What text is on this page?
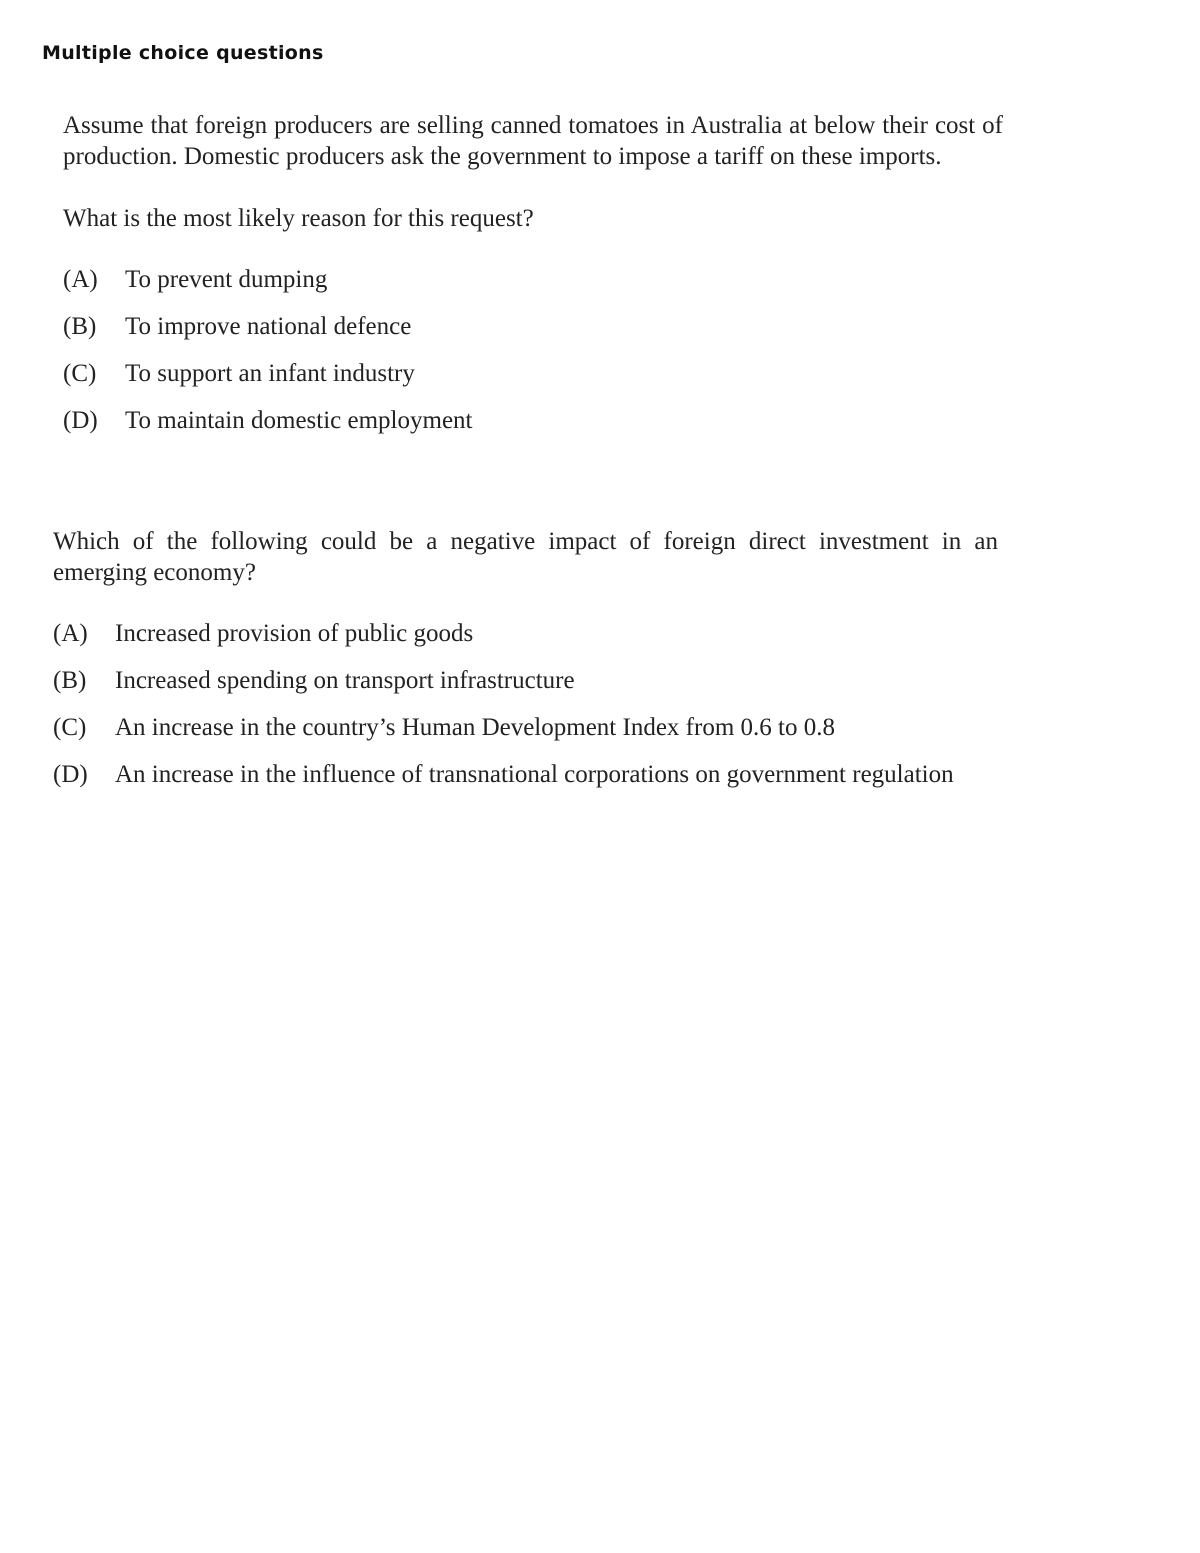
Multiple choice questions

Assume that foreign producers are selling canned tomatoes in Australia at below their cost of production. Domestic producers ask the government to impose a tariff on these imports.

What is the most likely reason for this request?

(A)	To prevent dumping
(B)	To improve national defence
(C)	To support an infant industry
(D)	To maintain domestic employment

Which of the following could be a negative impact of foreign direct investment in an emerging economy?

(A)	Increased provision of public goods
(B)	Increased spending on transport infrastructure
(C)	An increase in the country’s Human Development Index from 0.6 to 0.8
(D)	An increase in the influence of transnational corporations on government regulation
